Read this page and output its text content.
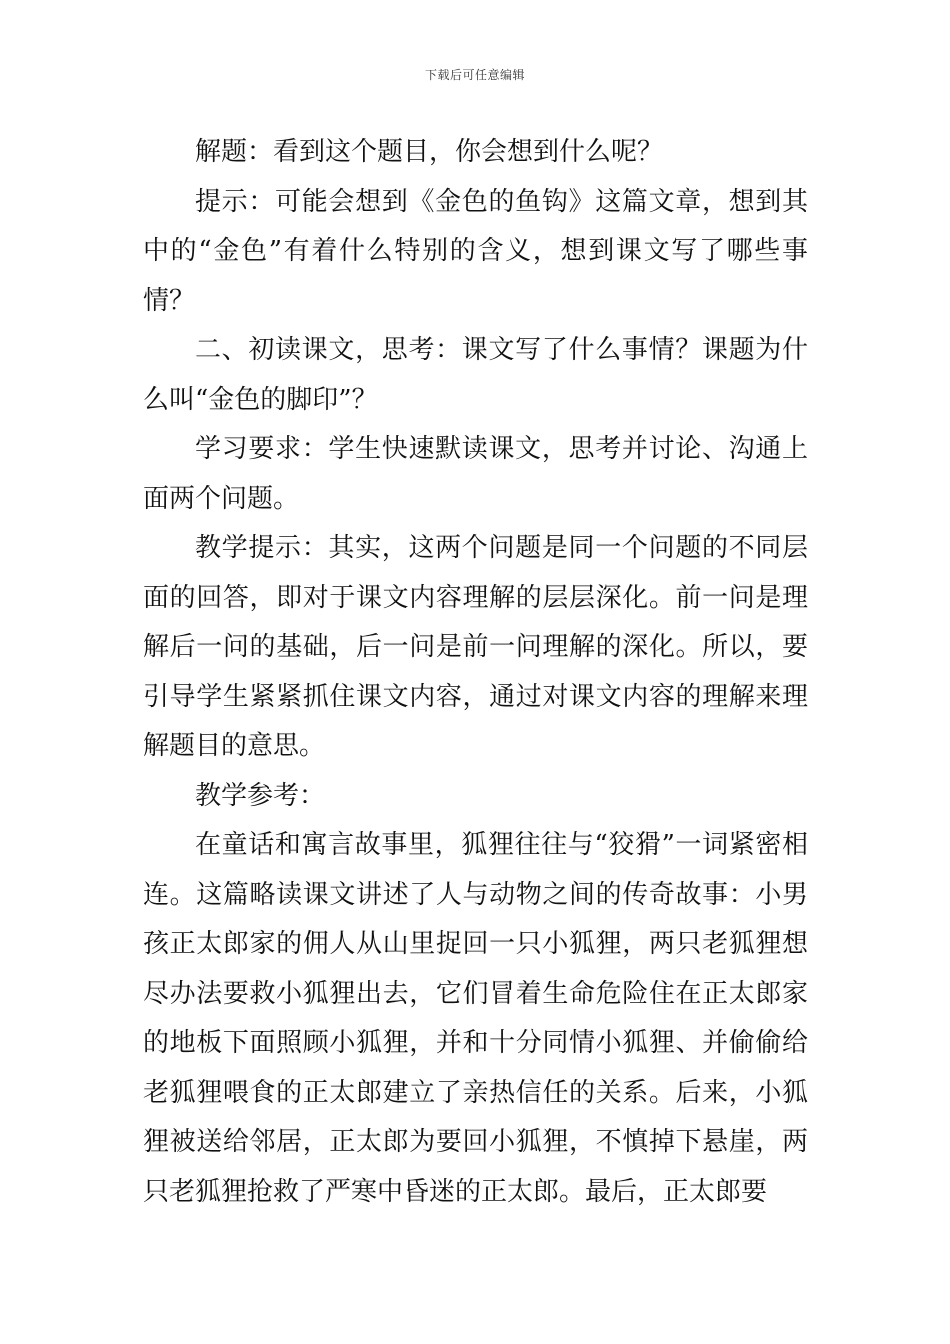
下载后可任意编辑

解题：看到这个题目，你会想到什么呢？

提示：可能会想到《金色的鱼钩》这篇文章，想到其中的“金色”有着什么特别的含义，想到课文写了哪些事情？

二、初读课文，思考：课文写了什么事情？课题为什么叫“金色的脚印”？

学习要求：学生快速默读课文，思考并讨论、沟通上面两个问题。

教学提示：其实，这两个问题是同一个问题的不同层面的回答，即对于课文内容理解的层层深化。前一问是理解后一问的基础，后一问是前一问理解的深化。所以，要引导学生紧紧抓住课文内容，通过对课文内容的理解来理解题目的意思。

教学参考：

在童话和寓言故事里，狐狸往往与“狡猾”一词紧密相连。这篇略读课文讲述了人与动物之间的传奇故事：小男孩正太郎家的佣人从山里捉回一只小狐狸，两只老狐狸想尽办法要救小狐狸出去，它们冒着生命危险住在正太郎家的地板下面照顾小狐狸，并和十分同情小狐狸、并偷偷给老狐狸喂食的正太郎建立了亲热信任的关系。后来，小狐狸被送给邻居，正太郎为要回小狐狸，不慎掉下悬崖，两只老狐狸抢救了严寒中昏迷的正太郎。最后，正太郎要
